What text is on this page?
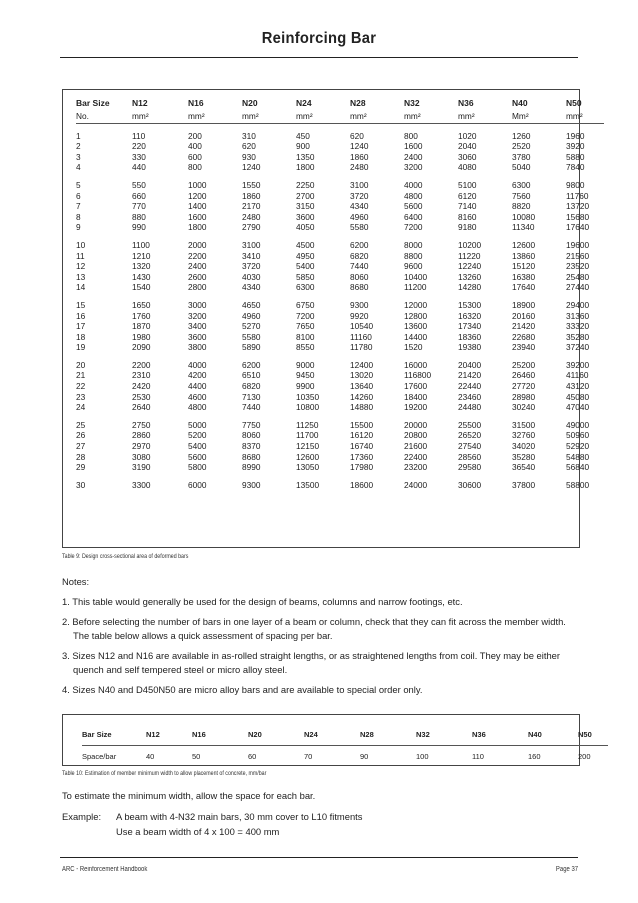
Reinforcing Bar
Bar Size	N12	N16	N20	N24	N28	N32	N36	N40	N50
No.	mm²	mm²	mm²	mm²	mm²	mm²	mm²	Mm²	mm²

1	110	200	310	450	620	800	1020	1260	1960
2	220	400	620	900	1240	1600	2040	2520	3920
3	330	600	930	1350	1860	2400	3060	3780	5880
4	440	800	1240	1800	2480	3200	4080	5040	7840

5	550	1000	1550	2250	3100	4000	5100	6300	9800
6	660	1200	1860	2700	3720	4800	6120	7560	11760
7	770	1400	2170	3150	4340	5600	7140	8820	13720
8	880	1600	2480	3600	4960	6400	8160	10080	15680
9	990	1800	2790	4050	5580	7200	9180	11340	17640

10	1100	2000	3100	4500	6200	8000	10200	12600	19600
11	1210	2200	3410	4950	6820	8800	11220	13860	21560
12	1320	2400	3720	5400	7440	9600	12240	15120	23520
13	1430	2600	4030	5850	8060	10400	13260	16380	25480
14	1540	2800	4340	6300	8680	11200	14280	17640	27440

15	1650	3000	4650	6750	9300	12000	15300	18900	29400
16	1760	3200	4960	7200	9920	12800	16320	20160	31360
17	1870	3400	5270	7650	10540	13600	17340	21420	33320
18	1980	3600	5580	8100	11160	14400	18360	22680	35280
19	2090	3800	5890	8550	11780	1520	19380	23940	37240

20	2200	4000	6200	9000	12400	16000	20400	25200	39200
21	2310	4200	6510	9450	13020	116800	21420	26460	41160
22	2420	4400	6820	9900	13640	17600	22440	27720	43120
23	2530	4600	7130	10350	14260	18400	23460	28980	45080
24	2640	4800	7440	10800	14880	19200	24480	30240	47040

25	2750	5000	7750	11250	15500	20000	25500	31500	49000
26	2860	5200	8060	11700	16120	20800	26520	32760	50960
27	2970	5400	8370	12150	16740	21600	27540	34020	52920
28	3080	5600	8680	12600	17360	22400	28560	35280	54880
29	3190	5800	8990	13050	17980	23200	29580	36540	56840

30	3300	6000	9300	13500	18600	24000	30600	37800	58800
Table 9: Design cross-sectional area of deformed bars

Notes:

1. This table would generally be used for the design of beams, columns and narrow footings, etc.

2. Before selecting the number of bars in one layer of a beam or column, check that they can fit across the member width.
The table below allows a quick assessment of spacing per bar.

3. Sizes N12 and N16 are available in as-rolled straight lengths, or as straightened lengths from coil. They may be either
quench and self tempered steel or micro alloy steel.

4. Sizes N40 and D450N50 are micro alloy bars and are available to special order only.

Bar Size	N12	N16	N20	N24	N28	N32	N36	N40	N50

Space/bar	40	50	60	70	90	100	110	160	200
Table 10: Estimation of member minimum width to allow placement of concrete, mm/bar
To estimate the minimum width, allow the space for each bar.
Example: A beam with 4-N32 main bars, 30 mm cover to L10 fitments
Use a beam width of 4 x 100 = 400 mm
ARC - Reinforcement Handbook	Page 37
